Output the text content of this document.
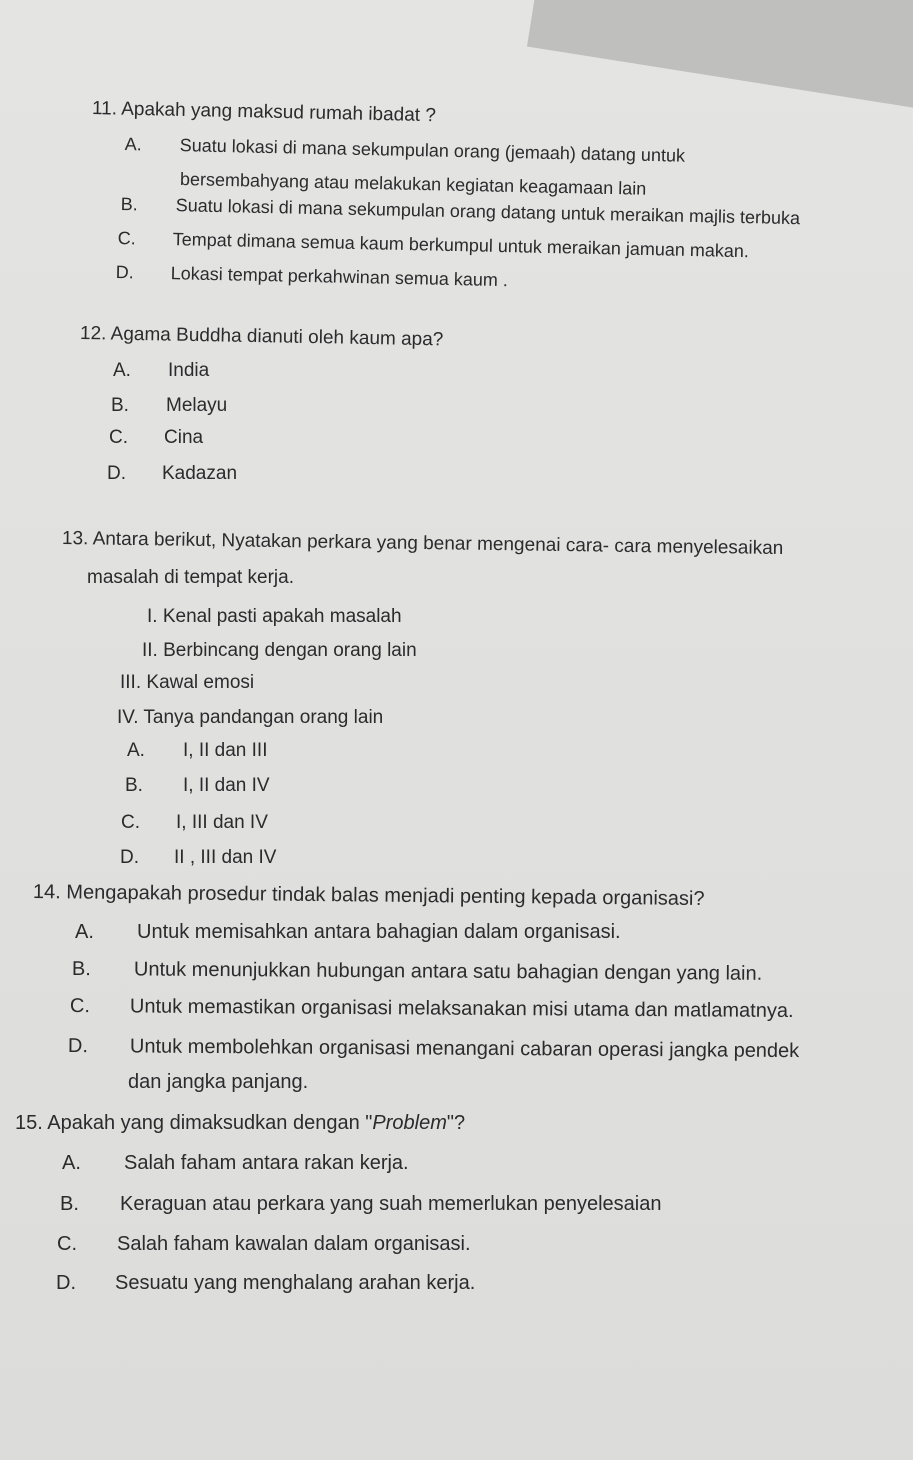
11. Apakah yang maksud rumah ibadat ?
A. Suatu lokasi di mana sekumpulan orang (jemaah) datang untuk
bersembahyang atau melakukan kegiatan keagamaan lain
B. Suatu lokasi di mana sekumpulan orang datang untuk meraikan majlis terbuka
C. Tempat dimana semua kaum berkumpul untuk meraikan jamuan makan.
D. Lokasi tempat perkahwinan semua kaum .
12. Agama Buddha dianuti oleh kaum apa?
A. India
B. Melayu
C. Cina
D. Kadazan
13. Antara berikut, Nyatakan perkara yang benar mengenai cara- cara menyelesaikan
masalah di tempat kerja.
I. Kenal pasti apakah masalah
II. Berbincang dengan orang lain
III. Kawal emosi
IV. Tanya pandangan orang lain
A. I, II dan III
B. I, II dan IV
C. I, III dan IV
D. II , III dan IV
14. Mengapakah prosedur tindak balas menjadi penting kepada organisasi?
A. Untuk memisahkan antara bahagian dalam organisasi.
B. Untuk menunjukkan hubungan antara satu bahagian dengan yang lain.
C. Untuk memastikan organisasi melaksanakan misi utama dan matlamatnya.
D. Untuk membolehkan organisasi menangani cabaran operasi jangka pendek
dan jangka panjang.
15. Apakah yang dimaksudkan dengan "Problem"?
A. Salah faham antara rakan kerja.
B. Keraguan atau perkara yang suah memerlukan penyelesaian
C. Salah faham kawalan dalam organisasi.
D. Sesuatu yang menghalang arahan kerja.
